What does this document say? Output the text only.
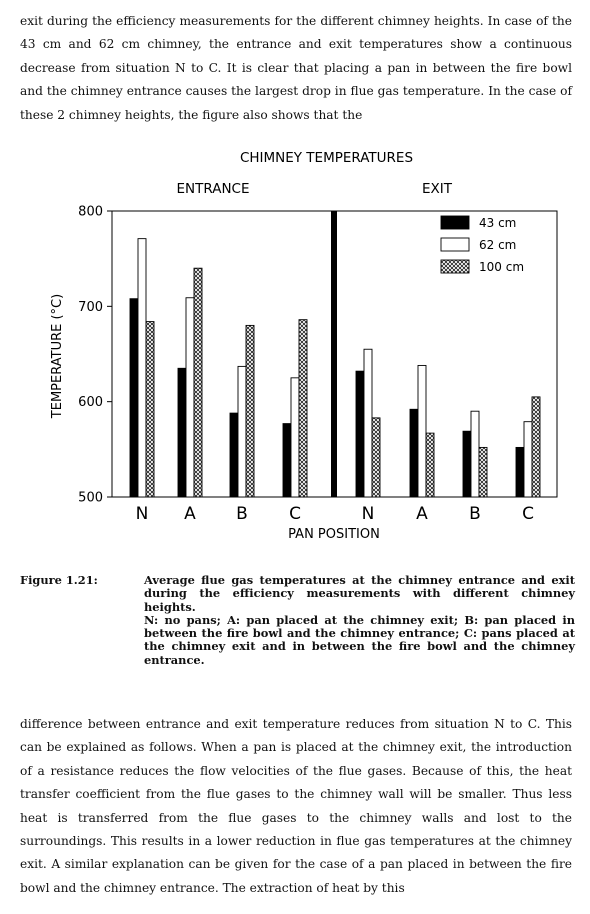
exit during the efficiency measurements for the different chimney heights. In case of the 43 cm and 62 cm chimney, the entrance and exit temperatures show a continuous decrease from situation N to C. It is clear that placing a pan in between the fire bowl and the chimney entrance causes the largest drop in flue gas temperature. In the case of these 2 chimney heights, the figure also shows that the

CHIMNEY TEMPERATURES
500
600
700
800
TEMPERATURE (°C)
ENTRANCE
N A B C
EXIT
N A B C
PAN POSITION
43 cm
62 cm
100 cm
Figure 1.21:	Average flue gas temperatures at the chimney entrance and exit during the efficiency measurements with different chimney heights.

N: no pans; A: pan placed at the chimney exit; B: pan placed in between the fire bowl and the chimney entrance; C: pans placed at the chimney exit and in between the fire bowl and the chimney entrance.

difference between entrance and exit temperature reduces from situation N to C. This can be explained as follows. When a pan is placed at the chimney exit, the introduction of a resistance reduces the flow velocities of the flue gases. Because of this, the heat transfer coefficient from the flue gases to the chimney wall will be smaller. Thus less heat is transferred from the flue gases to the chimney walls and lost to the surroundings. This results in a lower reduction in flue gas temperatures at the chimney exit. A similar explanation can be given for the case of a pan placed in between the fire bowl and the chimney entrance. The extraction of heat by this
